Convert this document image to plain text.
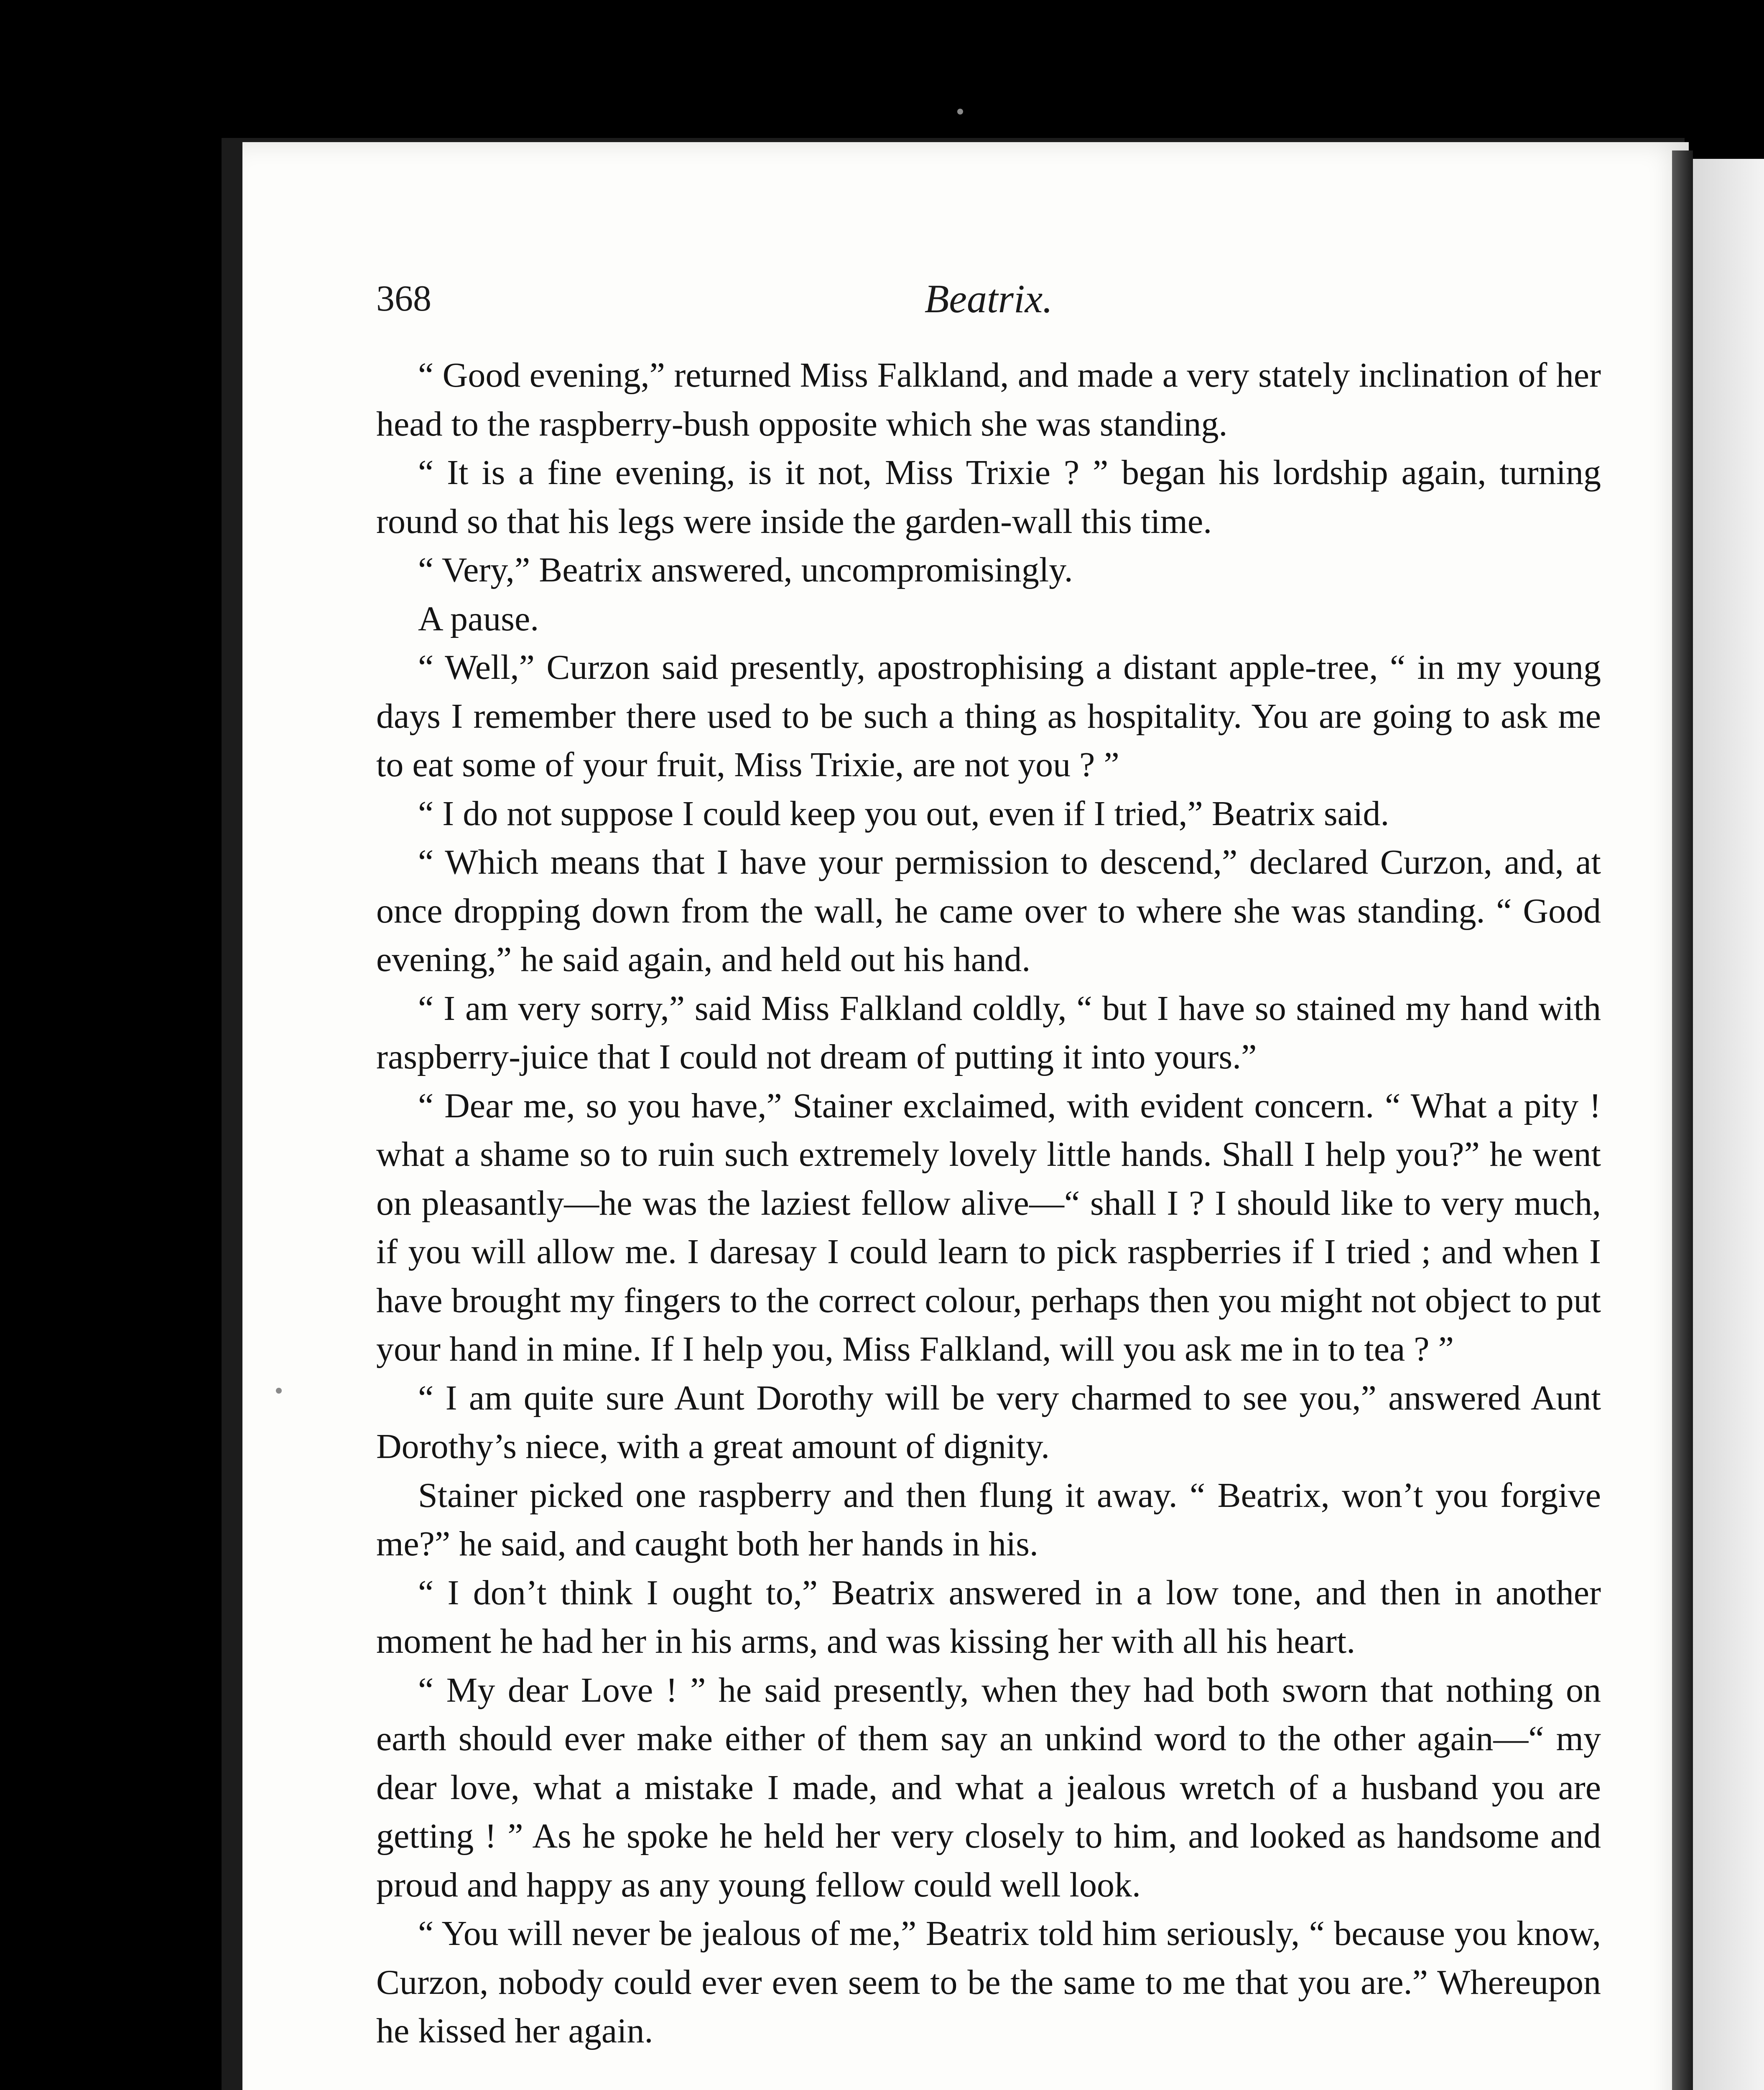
368	Beatrix.

“ Good evening,” returned Miss Falkland, and made a very stately inclination of her head to the raspberry-bush opposite which she was standing.

“ It is a fine evening, is it not, Miss Trixie ? ” began his lordship again, turning round so that his legs were inside the garden-wall this time.

“ Very,” Beatrix answered, uncompromisingly.

A pause.

“ Well,” Curzon said presently, apostrophising a distant apple-tree, “ in my young days I remember there used to be such a thing as hospitality. You are going to ask me to eat some of your fruit, Miss Trixie, are not you ? ”

“ I do not suppose I could keep you out, even if I tried,” Beatrix said.

“ Which means that I have your permission to descend,” declared Curzon, and, at once dropping down from the wall, he came over to where she was standing. “ Good evening,” he said again, and held out his hand.

“ I am very sorry,” said Miss Falkland coldly, “ but I have so stained my hand with raspberry-juice that I could not dream of putting it into yours.”

“ Dear me, so you have,” Stainer exclaimed, with evident concern. “ What a pity ! what a shame so to ruin such extremely lovely little hands. Shall I help you?” he went on pleasantly—he was the laziest fellow alive—“ shall I ? I should like to very much, if you will allow me. I daresay I could learn to pick raspberries if I tried ; and when I have brought my fingers to the correct colour, perhaps then you might not object to put your hand in mine. If I help you, Miss Falkland, will you ask me in to tea ? ”

“ I am quite sure Aunt Dorothy will be very charmed to see you,” answered Aunt Dorothy’s niece, with a great amount of dignity.

Stainer picked one raspberry and then flung it away. “ Beatrix, won’t you forgive me?” he said, and caught both her hands in his.

“ I don’t think I ought to,” Beatrix answered in a low tone, and then in another moment he had her in his arms, and was kissing her with all his heart.

“ My dear Love ! ” he said presently, when they had both sworn that nothing on earth should ever make either of them say an unkind word to the other again—“ my dear love, what a mistake I made, and what a jealous wretch of a husband you are getting ! ” As he spoke he held her very closely to him, and looked as handsome and proud and happy as any young fellow could well look.

“ You will never be jealous of me,” Beatrix told him seriously, “ because you know, Curzon, nobody could ever even seem to be the same to me that you are.” Whereupon he kissed her again.
